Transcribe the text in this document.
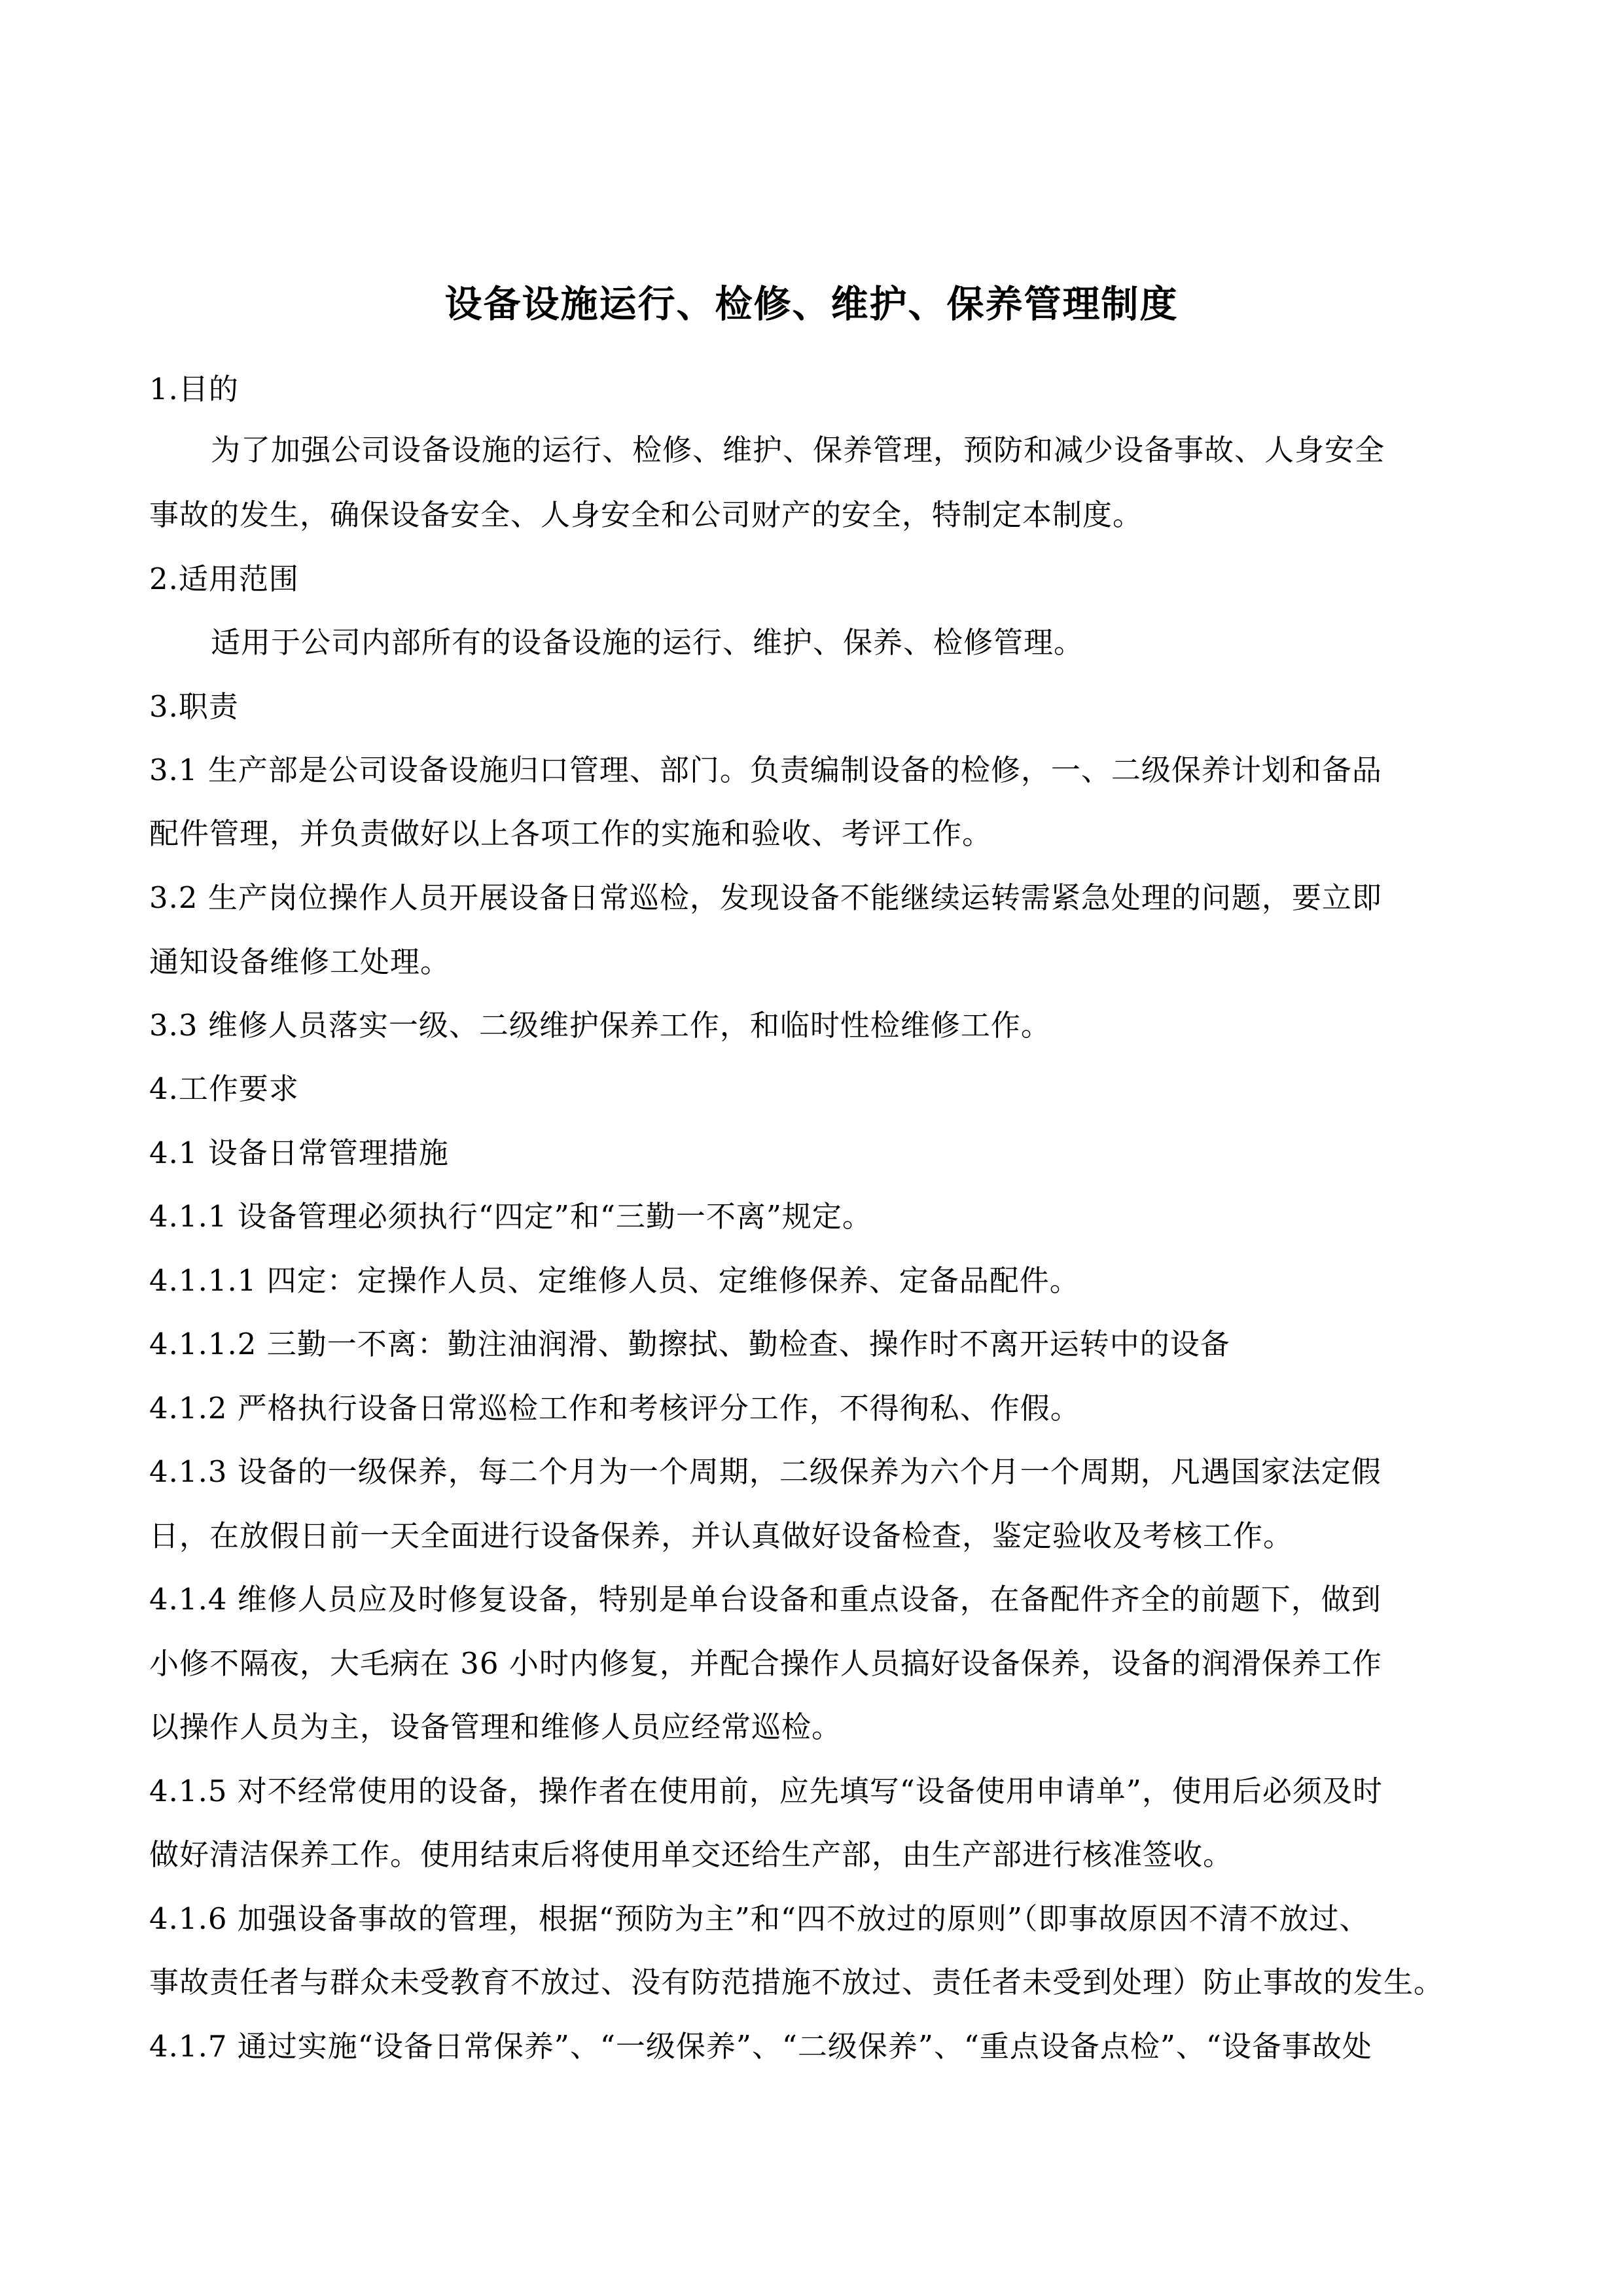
设备设施运行、检修、维护、保养管理制度
1.目的
为了加强公司设备设施的运行、检修、维护、保养管理，预防和减少设备事故、人身安全
事故的发生，确保设备安全、人身安全和公司财产的安全，特制定本制度。
2.适用范围
适用于公司内部所有的设备设施的运行、维护、保养、检修管理。
3.职责
3.1 生产部是公司设备设施归口管理、部门。负责编制设备的检修，一、二级保养计划和备品
配件管理，并负责做好以上各项工作的实施和验收、考评工作。
3.2 生产岗位操作人员开展设备日常巡检，发现设备不能继续运转需紧急处理的问题，要立即
通知设备维修工处理。
3.3 维修人员落实一级、二级维护保养工作，和临时性检维修工作。
4.工作要求
4.1 设备日常管理措施
4.1.1 设备管理必须执行“四定”和“三勤一不离”规定。
4.1.1.1 四定：定操作人员、定维修人员、定维修保养、定备品配件。
4.1.1.2 三勤一不离：勤注油润滑、勤擦拭、勤检查、操作时不离开运转中的设备
4.1.2 严格执行设备日常巡检工作和考核评分工作，不得徇私、作假。
4.1.3 设备的一级保养，每二个月为一个周期，二级保养为六个月一个周期，凡遇国家法定假
日，在放假日前一天全面进行设备保养，并认真做好设备检查，鉴定验收及考核工作。
4.1.4 维修人员应及时修复设备，特别是单台设备和重点设备，在备配件齐全的前题下，做到
小修不隔夜，大毛病在 36 小时内修复，并配合操作人员搞好设备保养，设备的润滑保养工作
以操作人员为主，设备管理和维修人员应经常巡检。
4.1.5 对不经常使用的设备，操作者在使用前，应先填写“设备使用申请单”，使用后必须及时
做好清洁保养工作。使用结束后将使用单交还给生产部，由生产部进行核准签收。
4.1.6 加强设备事故的管理，根据“预防为主”和“四不放过的原则”（即事故原因不清不放过、
事故责任者与群众未受教育不放过、没有防范措施不放过、责任者未受到处理）防止事故的发生。
4.1.7 通过实施“设备日常保养”、“一级保养”、“二级保养”、“重点设备点检”、“设备事故处
